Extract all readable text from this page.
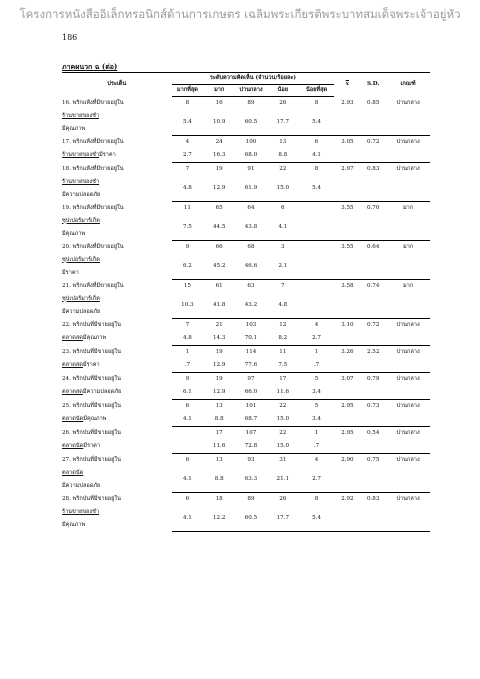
โครงการหนังสืออิเล็กทรอนิกส์ด้านการเกษตร เฉลิมพระเกียรติพระบาทสมเด็จพระเจ้าอยู่หัว
186
ภาคผนวก ฉ (ต่อ)
ประเด็น	ระดับความคิดเห็น (จำนวน/ร้อยละ)					$\overline{x}$	S.D.	เกณฑ์
	มากที่สุด	มาก	ปานกลาง	น้อย	น้อยที่สุด			

16. พริกแห้งที่มีขายอยู่ใน
ร้านขายของชำ
มีคุณภาพ	8	16	89	26	8	2.93	0.85	ปานกลาง
	5.4	10.9	60.5	17.7	5.4			

17. พริกแห้งที่มีขายอยู่ใน
ร้านขายของชำมีราคา	4	24	100	13	6	3.05	0.72	ปานกลาง
	2.7	16.3	68.0	8.8	4.1			

18. พริกแห้งที่มีขายอยู่ใน
ร้านขายของชำ
มีความปลอดภัย	7	19	91	22	8	2.97	0.83	ปานกลาง
	4.8	12.9	61.9	15.0	5.4			

19. พริกแห้งที่มีขายอยู่ใน
ซุปเปอร์มาร์เก็ต
มีคุณภาพ	11	65	64	6		3.55	0.70	มาก
	7.5	44.5	43.8	4.1				

20. พริกแห้งที่มีขายอยู่ใน
ซุปเปอร์มาร์เก็ต
มีราคา	9	66	68	3		3.55	0.64	มาก
	6.2	45.2	46.6	2.1				

21. พริกแห้งที่มีขายอยู่ใน
ซุปเปอร์มาร์เก็ต
มีความปลอดภัย	15	61	63	7		3.58	0.74	มาก
	10.3	41.8	43.2	4.8				

22. พริกป่นที่มีขายอยู่ใน
ตลาดสดมีคุณภาพ	7	21	103	12	4	3.10	0.72	ปานกลาง
	4.8	14.3	70.1	8.2	2.7			

23. พริกป่นที่มีขายอยู่ใน
ตลาดสดมีราคา	1	19	114	11	1	3.26	2.52	ปานกลาง
	.7	12.9	77.6	7.5	.7			

24. พริกป่นที่มีขายอยู่ใน
ตลาดสดมีความปลอดภัย	9	19	97	17	5	3.07	0.79	ปานกลาง
	6.1	12.9	66.0	11.6	3.4			

25. พริกป่นที่มีขายอยู่ใน
ตลาดนัดมีคุณภาพ	6	13	101	22	5	2.95	0.73	ปานกลาง
	4.1	8.8	68.7	15.0	3.4			

26. พริกป่นที่มีขายอยู่ใน
ตลาดนัดมีราคา		17	107	22	1	2.95	0.54	ปานกลาง
		11.6	72.8	15.0	.7			

27. พริกป่นที่มีขายอยู่ใน
ตลาดนัด
มีความปลอดภัย	6	13	93	31	4	2.90	0.75	ปานกลาง
	4.1	8.8	63.3	21.1	2.7			

28. พริกป่นที่มีขายอยู่ใน
ร้านขายของชำ
มีคุณภาพ	6	18	89	26	8	2.92	0.83	ปานกลาง
	4.1	12.2	60.5	17.7	5.4			
